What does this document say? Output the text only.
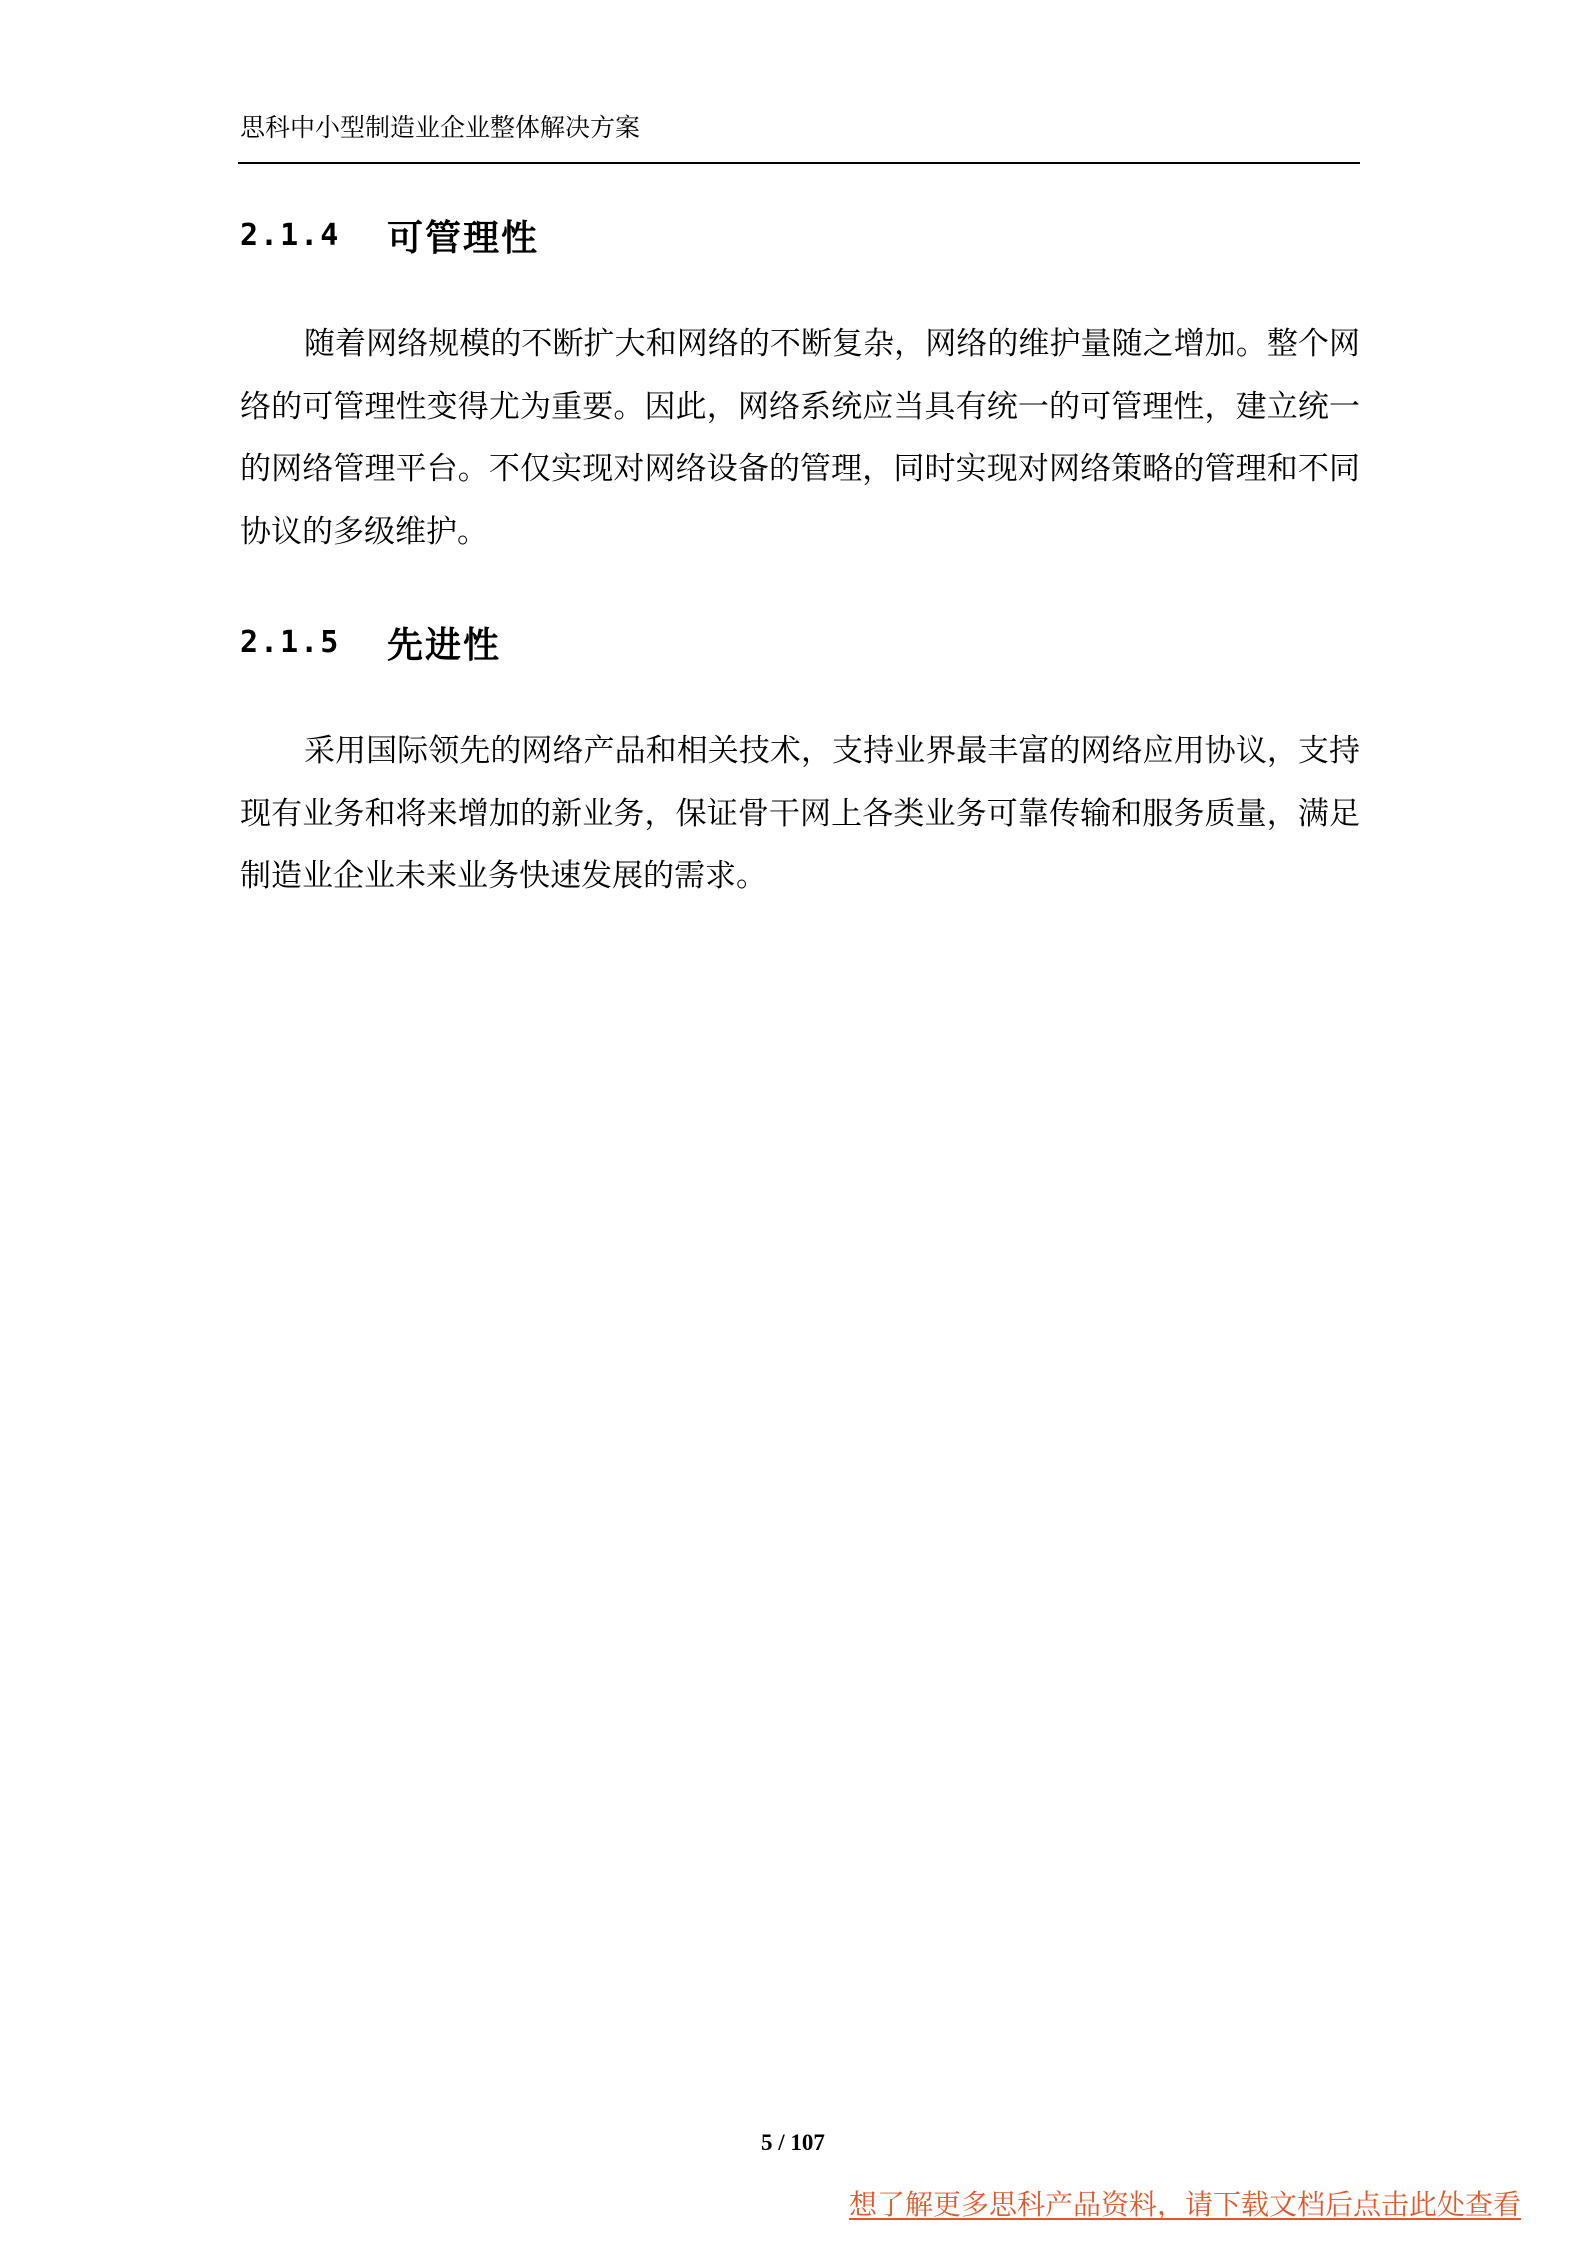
思科中小型制造业企业整体解决方案
2.1.4	可管理性

随着网络规模的不断扩大和网络的不断复杂，网络的维护量随之增加。整个网络的可管理性变得尤为重要。因此，网络系统应当具有统一的可管理性，建立统一的网络管理平台。不仅实现对网络设备的管理，同时实现对网络策略的管理和不同协议的多级维护。

2.1.5	先进性

采用国际领先的网络产品和相关技术，支持业界最丰富的网络应用协议，支持现有业务和将来增加的新业务，保证骨干网上各类业务可靠传输和服务质量，满足制造业企业未来业务快速发展的需求。

5 / 107
想了解更多思科产品资料，请下载文档后点击此处查看
